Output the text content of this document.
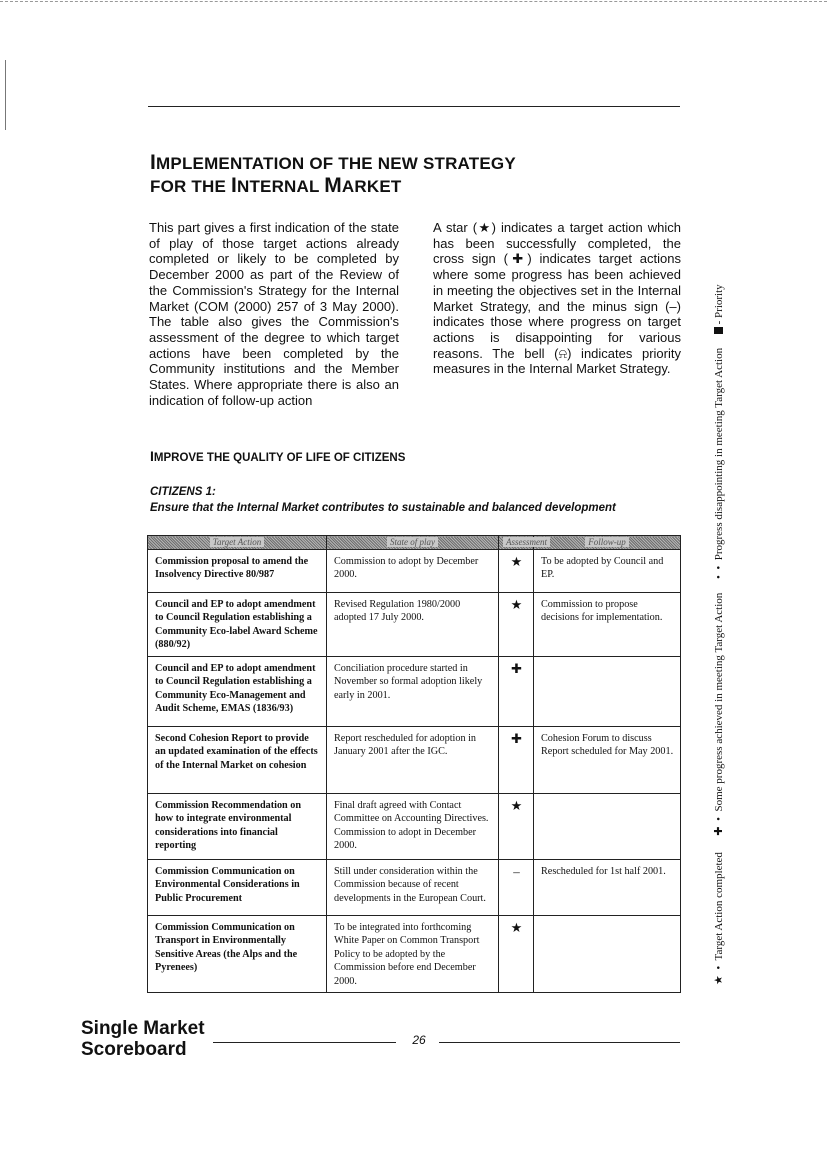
IMPLEMENTATION OF THE NEW STRATEGY
FOR THE INTERNAL MARKET
This part gives a first indication of the state of play of those target actions already completed or likely to be completed by December 2000 as part of the Review of the Commission's Strategy for the Internal Market (COM (2000) 257 of 3 May 2000). The table also gives the Commission's assessment of the degree to which target actions have been completed by the Community institutions and the Member States. Where appropriate there is also an indication of follow-up action
A star (★) indicates a target action which has been successfully completed, the cross sign (✚) indicates target actions where some progress has been achieved in meeting the objectives set in the Internal Market Strategy, and the minus sign (–) indicates those where progress on target actions is disappointing for various reasons. The bell (⍾) indicates priority measures in the Internal Market Strategy.
IMPROVE THE QUALITY OF LIFE OF CITIZENS
CITIZENS 1:
Ensure that the Internal Market contributes to sustainable and balanced development
Target Action	State of play	Assessment	Follow-up
Commission proposal to amend the Insolvency Directive 80/987	Commission to adopt by December 2000.	★	To be adopted by Council and EP.
Council and EP to adopt amendment to Council Regulation establishing a Community Eco-label Award Scheme (880/92)	Revised Regulation 1980/2000 adopted 17 July 2000.	★	Commission to propose decisions for implementation.
Council and EP to adopt amendment to Council Regulation establishing a Community Eco-Management and Audit Scheme, EMAS (1836/93)	Conciliation procedure started in November so formal adoption likely early in 2001.	✚	
Second Cohesion Report to provide an updated examination of the effects of the Internal Market on cohesion	Report rescheduled for adoption in January 2001 after the IGC.	✚	Cohesion Forum to discuss Report scheduled for May 2001.
Commission Recommendation on how to integrate environmental considerations into financial reporting	Final draft agreed with Contact Committee on Accounting Directives. Commission to adopt in December 2000.	★	
Commission Communication on Environmental Considerations in Public Procurement	Still under consideration within the Commission because of recent developments in the European Court.	–	Rescheduled for 1st half 2001.
Commission Communication on Transport in Environmentally Sensitive Areas (the Alps and the Pyrenees)	To be integrated into forthcoming White Paper on Common Transport Policy to be adopted by the Commission before end December 2000.	★	
★  •  Target Action completed      ✚  •  Some progress achieved in meeting Target Action     •  •  Progress disappointing in meeting Target Action      - Priority
Single Market
Scoreboard	26
